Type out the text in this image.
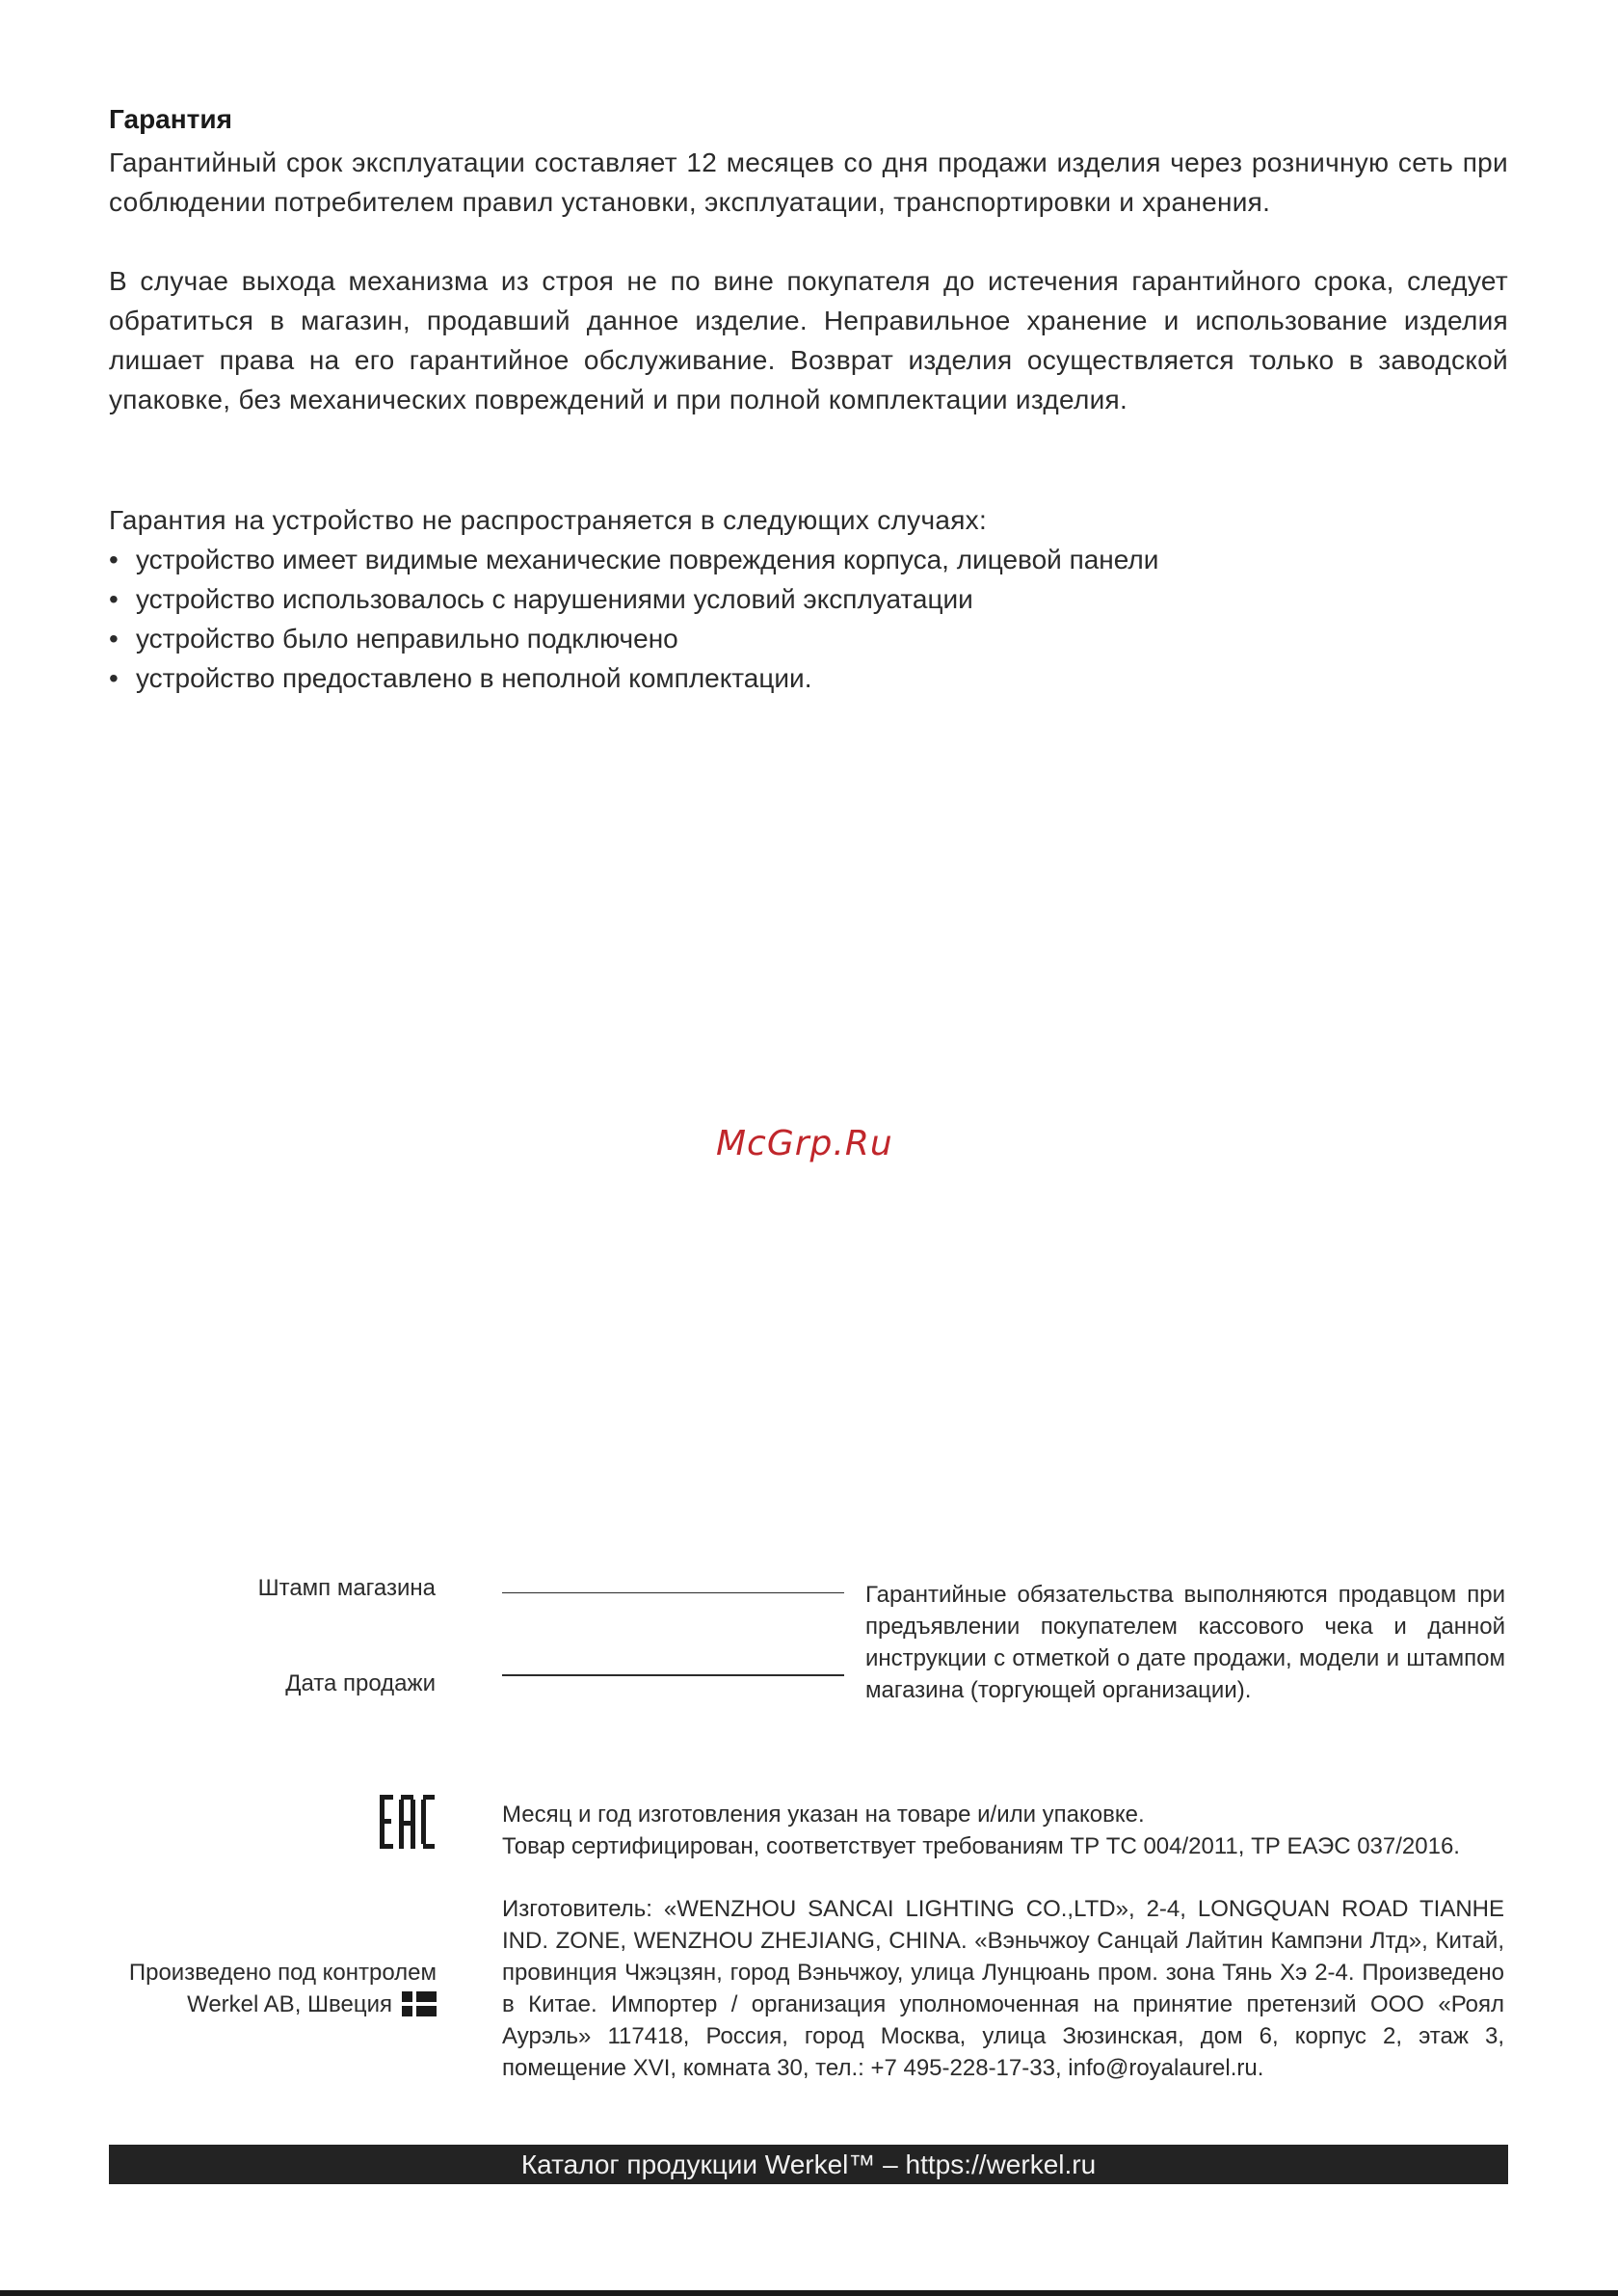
Гарантия
Гарантийный срок эксплуатации составляет 12 месяцев со дня продажи изделия через розничную сеть при соблюдении потребителем правил установки, эксплуатации, транспортировки и хранения.
В случае выхода механизма из строя не по вине покупателя до истечения гарантийного срока, следует обратиться в магазин, продавший данное изделие. Неправильное хранение и использование изделия лишает права на его гарантийное обслуживание. Возврат изделия осуществляется только в заводской упаковке, без механических повреждений и при полной комплектации изделия.
Гарантия на устройство не распространяется в следующих случаях:
• устройство имеет видимые механические повреждения корпуса, лицевой панели
• устройство использовалось с нарушениями условий эксплуатации
• устройство было неправильно подключено
• устройство предоставлено в неполной комплектации.
McGrp.Ru
Штамп магазина
Дата продажи
Гарантийные обязательства выполняются продавцом при предъявлении покупателем кассового чека и данной инструкции с отметкой о дате продажи, модели и штампом магазина (торгующей организации).
Месяц и год изготовления указан на товаре и/или упаковке.
Товар сертифицирован, соответствует требованиям ТР ТС 004/2011, ТР ЕАЭС 037/2016.
Изготовитель: «WENZHOU SANCAI LIGHTING CO.,LTD», 2-4, LONGQUAN ROAD TIANHE IND. ZONE, WENZHOU ZHEJIANG, CHINA. «Вэньчжоу Санцай Лайтин Кампэни Лтд», Китай, провинция Чжэцзян, город Вэньчжоу, улица Лунцюань пром. зона Тянь Хэ 2-4. Произведено в Китае. Импортер / организация уполномоченная на принятие претензий ООО «Роял Аурэль» 117418, Россия, город Москва, улица Зюзинская, дом 6, корпус 2, этаж 3, помещение XVI, комната 30, тел.: +7 495-228-17-33, info@royalaurel.ru.
Произведено под контролем
Werkel AB, Швеция
Каталог продукции Werkel™ – https://werkel.ru
